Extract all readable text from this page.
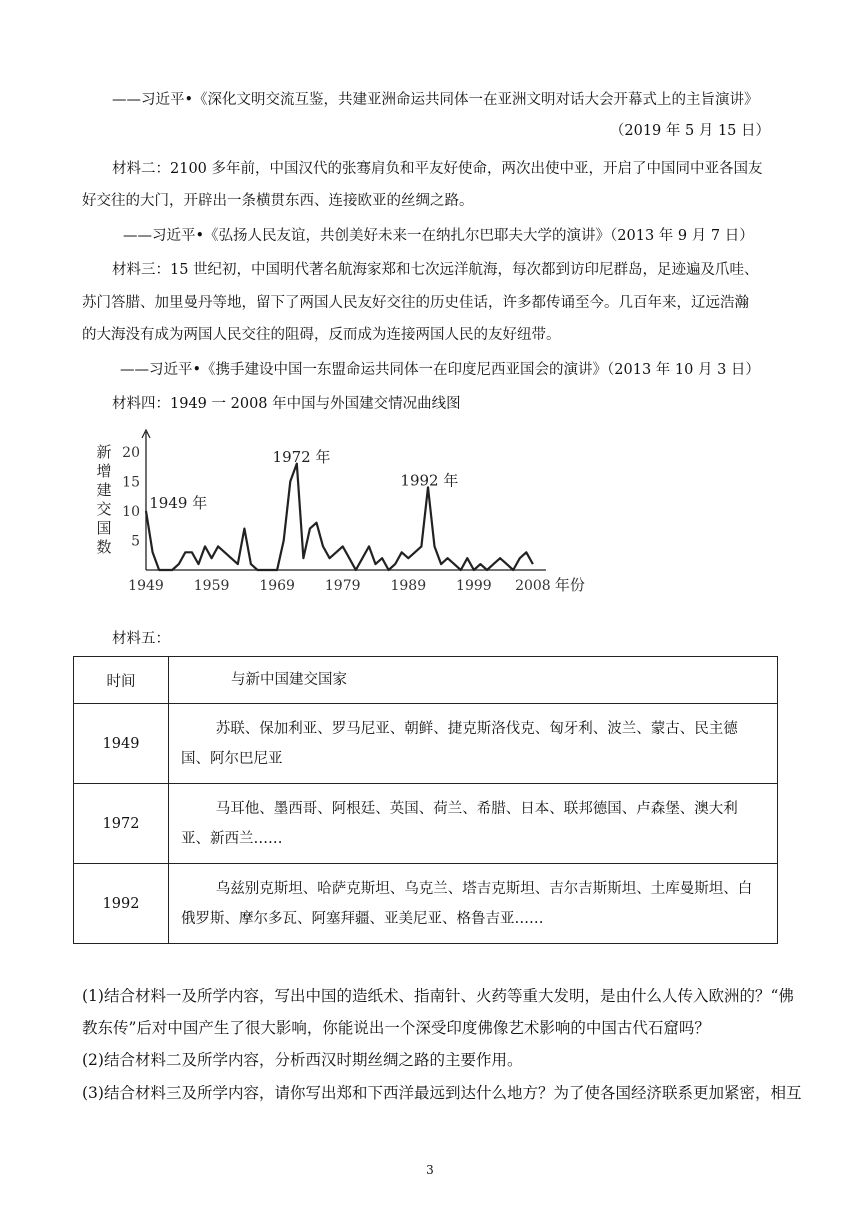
——习近平•《深化文明交流互鉴，共建亚洲命运共同体一在亚洲文明对话大会开幕式上的主旨演讲》
（2019 年 5 月 15 日）
材料二：2100 多年前，中国汉代的张骞肩负和平友好使命，两次出使中亚，开启了中国同中亚各国友
好交往的大门，开辟出一条横贯东西、连接欧亚的丝绸之路。
——习近平•《弘扬人民友谊，共创美好未来一在纳扎尔巴耶夫大学的演讲》（2013 年 9 月 7 日）
材料三：15 世纪初，中国明代著名航海家郑和七次远洋航海，每次都到访印尼群岛，足迹遍及爪哇、
苏门答腊、加里曼丹等地，留下了两国人民友好交往的历史佳话，许多都传诵至今。几百年来，辽远浩瀚
的大海没有成为两国人民交往的阻碍，反而成为连接两国人民的友好纽带。
——习近平•《携手建设中国一东盟命运共同体一在印度尼西亚国会的演讲》（2013 年 10 月 3 日）
材料四：1949 一 2008 年中国与外国建交情况曲线图
新
增
建
交
国
数 5
10
15
20
1949 1959 1969 1979 1989 1999 2008 年份
1949 年
1972 年
1992 年
材料五：
时间	与新中国建交国家
1949	苏联、保加利亚、罗马尼亚、朝鲜、捷克斯洛伐克、匈牙利、波兰、蒙古、民主德国、阿尔巴尼亚
1972	马耳他、墨西哥、阿根廷、英国、荷兰、希腊、日本、联邦德国、卢森堡、澳大利亚、新西兰……
1992	乌兹别克斯坦、哈萨克斯坦、乌克兰、塔吉克斯坦、吉尔吉斯斯坦、土库曼斯坦、白俄罗斯、摩尔多瓦、阿塞拜疆、亚美尼亚、格鲁吉亚……
(1)结合材料一及所学内容，写出中国的造纸术、指南针、火药等重大发明，是由什么人传入欧洲的？“佛
教东传”后对中国产生了很大影响，你能说出一个深受印度佛像艺术影响的中国古代石窟吗？
(2)结合材料二及所学内容，分析西汉时期丝绸之路的主要作用。
(3)结合材料三及所学内容，请你写出郑和下西洋最远到达什么地方？为了使各国经济联系更加紧密，相互
3
